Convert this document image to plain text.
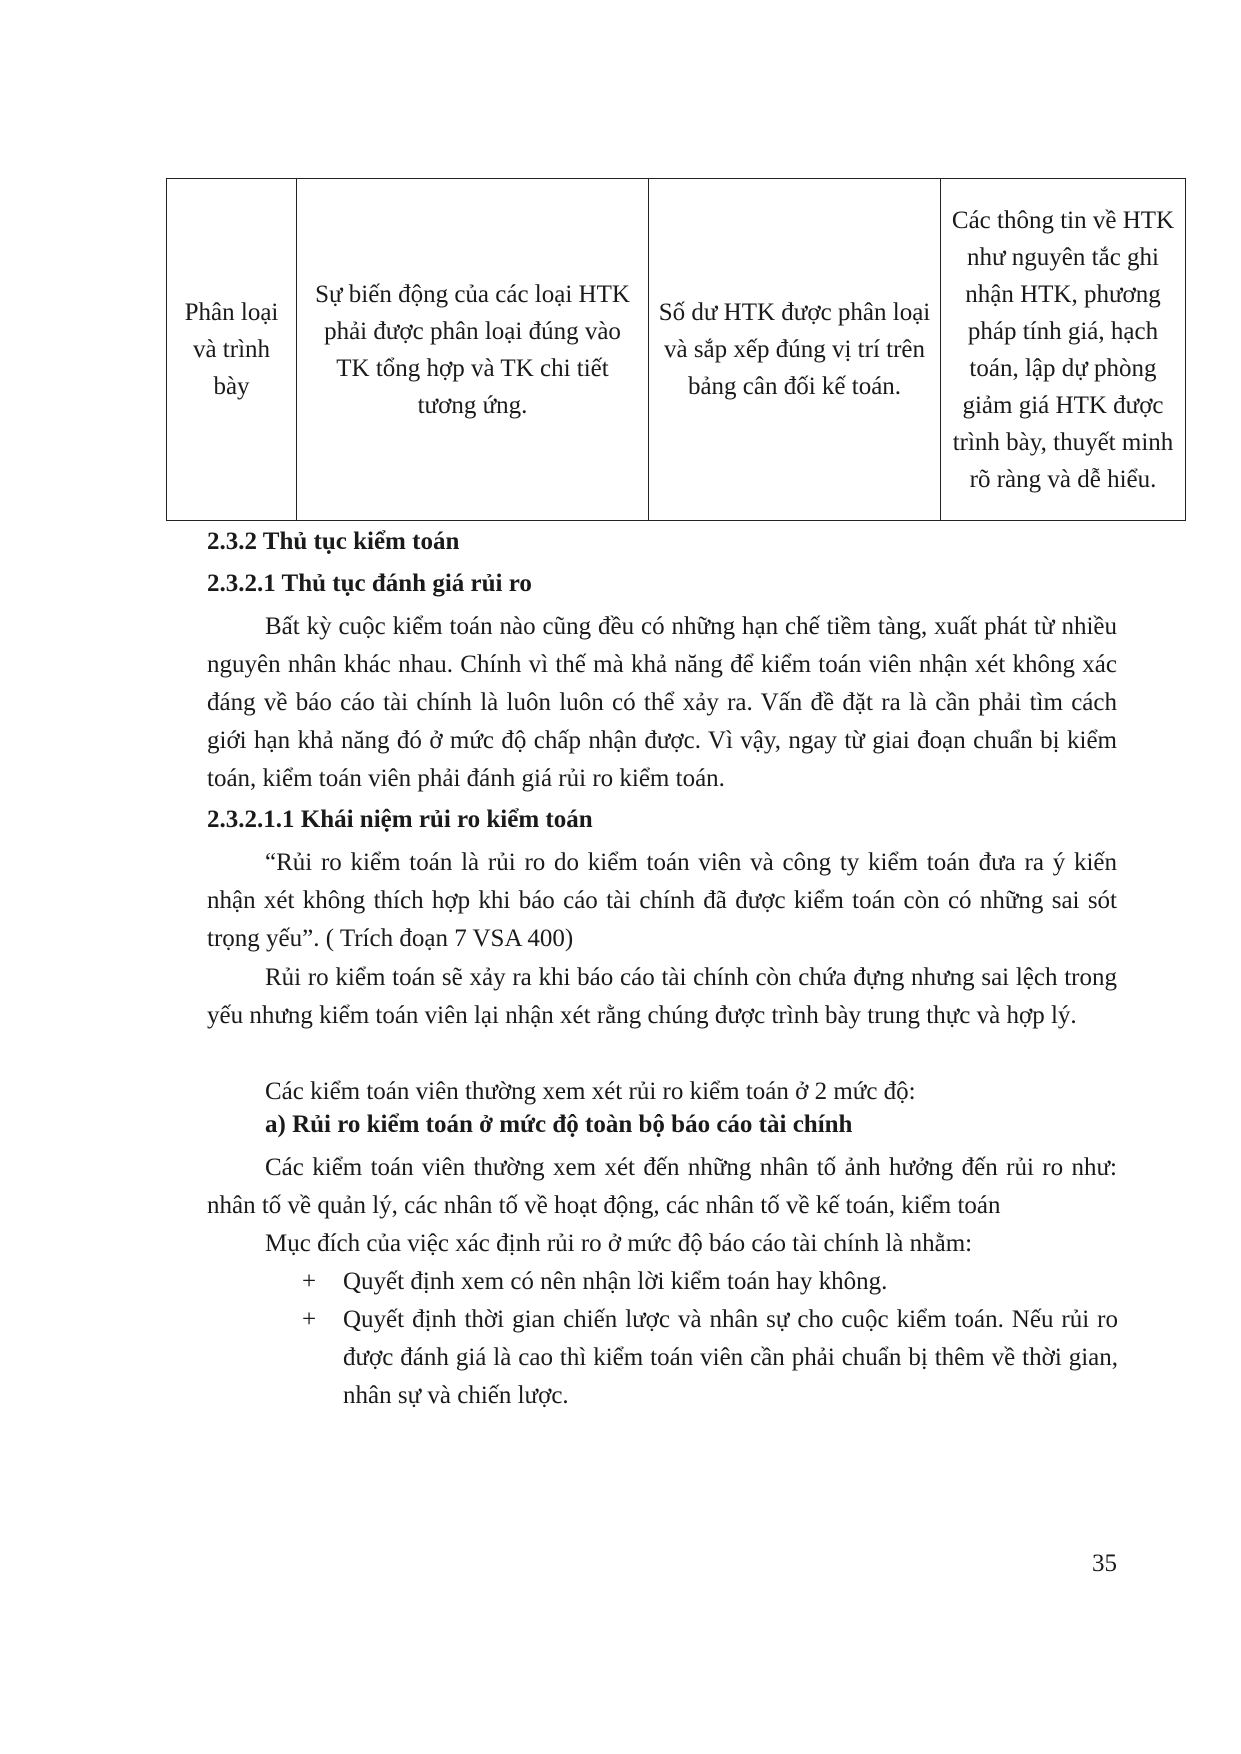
Phân loại và trình bày	Sự biến động của các loại HTK phải được phân loại đúng vào TK tổng hợp và TK chi tiết tương ứng.	Số dư HTK được phân loại và sắp xếp đúng vị trí trên bảng cân đối kế toán.	Các thông tin về HTK như nguyên tắc ghi nhận HTK, phương pháp tính giá, hạch toán, lập dự phòng giảm giá HTK được trình bày, thuyết minh rõ ràng và dễ hiểu.
2.3.2 Thủ tục kiểm toán
2.3.2.1 Thủ tục đánh giá rủi ro
Bất kỳ cuộc kiểm toán nào cũng đều có những hạn chế tiềm tàng, xuất phát từ nhiều nguyên nhân khác nhau. Chính vì thế mà khả năng để kiểm toán viên nhận xét không xác đáng về báo cáo tài chính là luôn luôn có thể xảy ra. Vấn đề đặt ra là cần phải tìm cách giới hạn khả năng đó ở mức độ chấp nhận được. Vì vậy, ngay từ giai đoạn chuẩn bị kiểm toán, kiểm toán viên phải đánh giá rủi ro kiểm toán.
2.3.2.1.1 Khái niệm rủi ro kiểm toán
“Rủi ro kiểm toán là rủi ro do kiểm toán viên và công ty kiểm toán đưa ra ý kiến nhận xét không thích hợp khi báo cáo tài chính đã được kiểm toán còn có những sai sót trọng yếu”. ( Trích đoạn 7 VSA 400)
Rủi ro kiểm toán sẽ xảy ra khi báo cáo tài chính còn chứa đựng nhưng sai lệch trong yếu nhưng kiểm toán viên lại nhận xét rằng chúng được trình bày trung thực và hợp lý.
Các kiểm toán viên thường xem xét rủi ro kiểm toán ở 2 mức độ:
a) Rủi ro kiểm toán ở mức độ toàn bộ báo cáo tài chính
Các kiểm toán viên thường xem xét đến những nhân tố ảnh hưởng đến rủi ro như: nhân tố về quản lý, các nhân tố về hoạt động, các nhân tố về kế toán, kiểm toán
Mục đích của việc xác định rủi ro ở mức độ báo cáo tài chính là nhằm:
+ Quyết định xem có nên nhận lời kiểm toán hay không.
+ Quyết định thời gian chiến lược và nhân sự cho cuộc kiểm toán. Nếu rủi ro được đánh giá là cao thì kiểm toán viên cần phải chuẩn bị thêm về thời gian, nhân sự và chiến lược.
35
